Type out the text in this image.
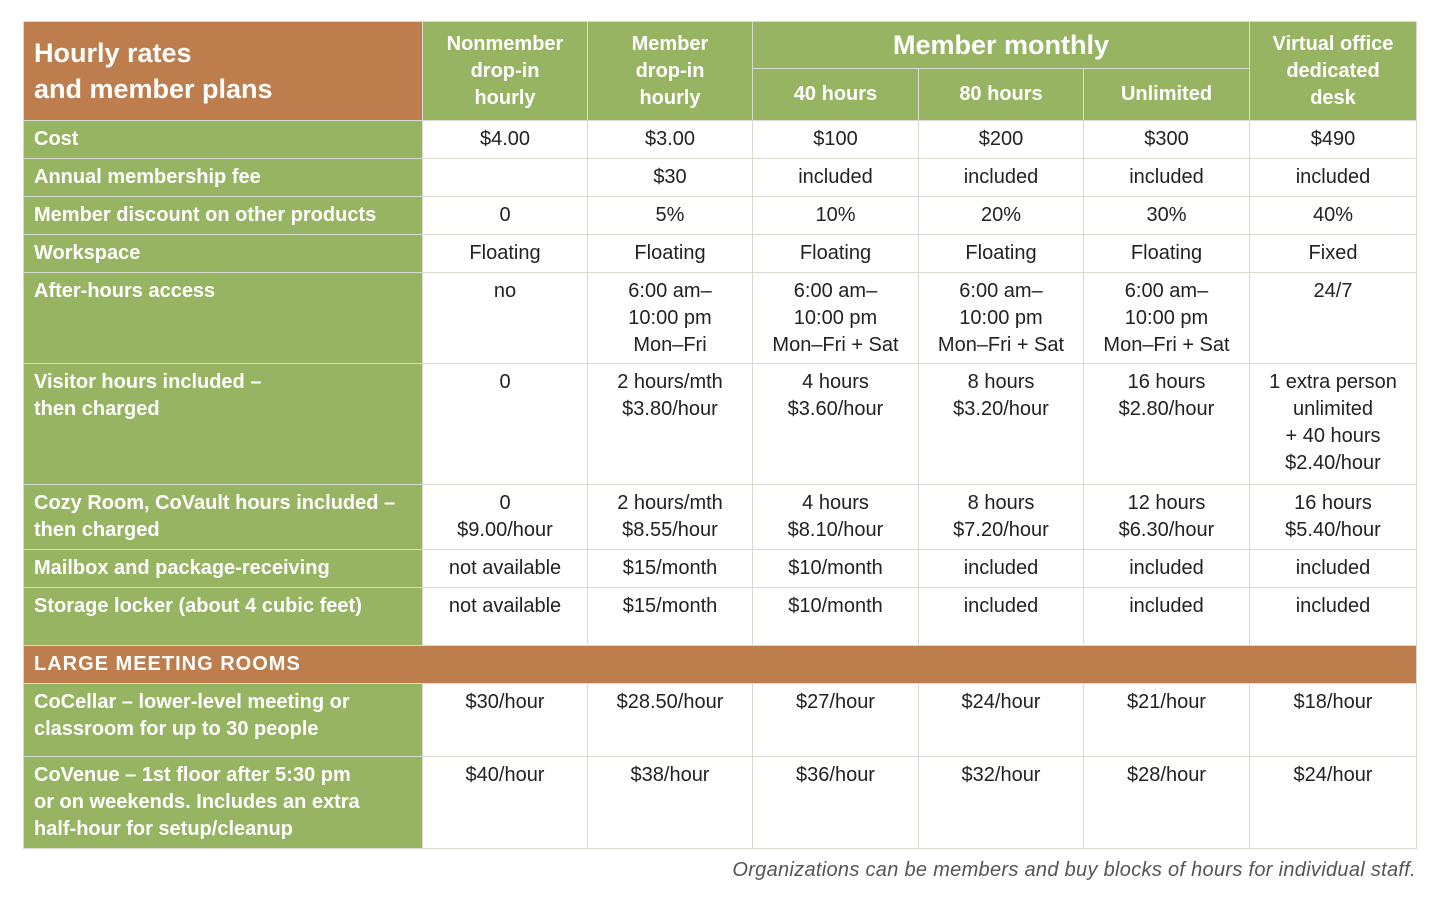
Hourly rates
and member plans	Nonmember
drop-in
hourly	Member
drop-in
hourly	Member monthly			Virtual office
dedicated
desk

			40 hours	80 hours	Unlimited	

Cost	$4.00	$3.00	$100	$200	$300	$490

Annual membership fee		$30	included	included	included	included

Member discount on other products	0	5%	10%	20%	30%	40%

Workspace	Floating	Floating	Floating	Floating	Floating	Fixed

After-hours access	no	6:00 am–
10:00 pm
Mon–Fri	6:00 am–
10:00 pm
Mon–Fri + Sat	6:00 am–
10:00 pm
Mon–Fri + Sat	6:00 am–
10:00 pm
Mon–Fri + Sat	24/7

Visitor hours included –
then charged	0	2 hours/mth
$3.80/hour	4 hours
$3.60/hour	8 hours
$3.20/hour	16 hours
$2.80/hour	1 extra person
unlimited
+ 40 hours
$2.40/hour

Cozy Room, CoVault hours included –
then charged	0
$9.00/hour	2 hours/mth
$8.55/hour	4 hours
$8.10/hour	8 hours
$7.20/hour	12 hours
$6.30/hour	16 hours
$5.40/hour

Mailbox and package-receiving	not available	$15/month	$10/month	included	included	included

Storage locker (about 4 cubic feet)	not available	$15/month	$10/month	included	included	included

LARGE MEETING ROOMS						

CoCellar – lower-level meeting or
classroom for up to 30 people	$30/hour	$28.50/hour	$27/hour	$24/hour	$21/hour	$18/hour

CoVenue – 1st floor after 5:30 pm
or on weekends. Includes an extra
half-hour for setup/cleanup	$40/hour	$38/hour	$36/hour	$32/hour	$28/hour	$24/hour
Organizations can be members and buy blocks of hours for individual staff.
